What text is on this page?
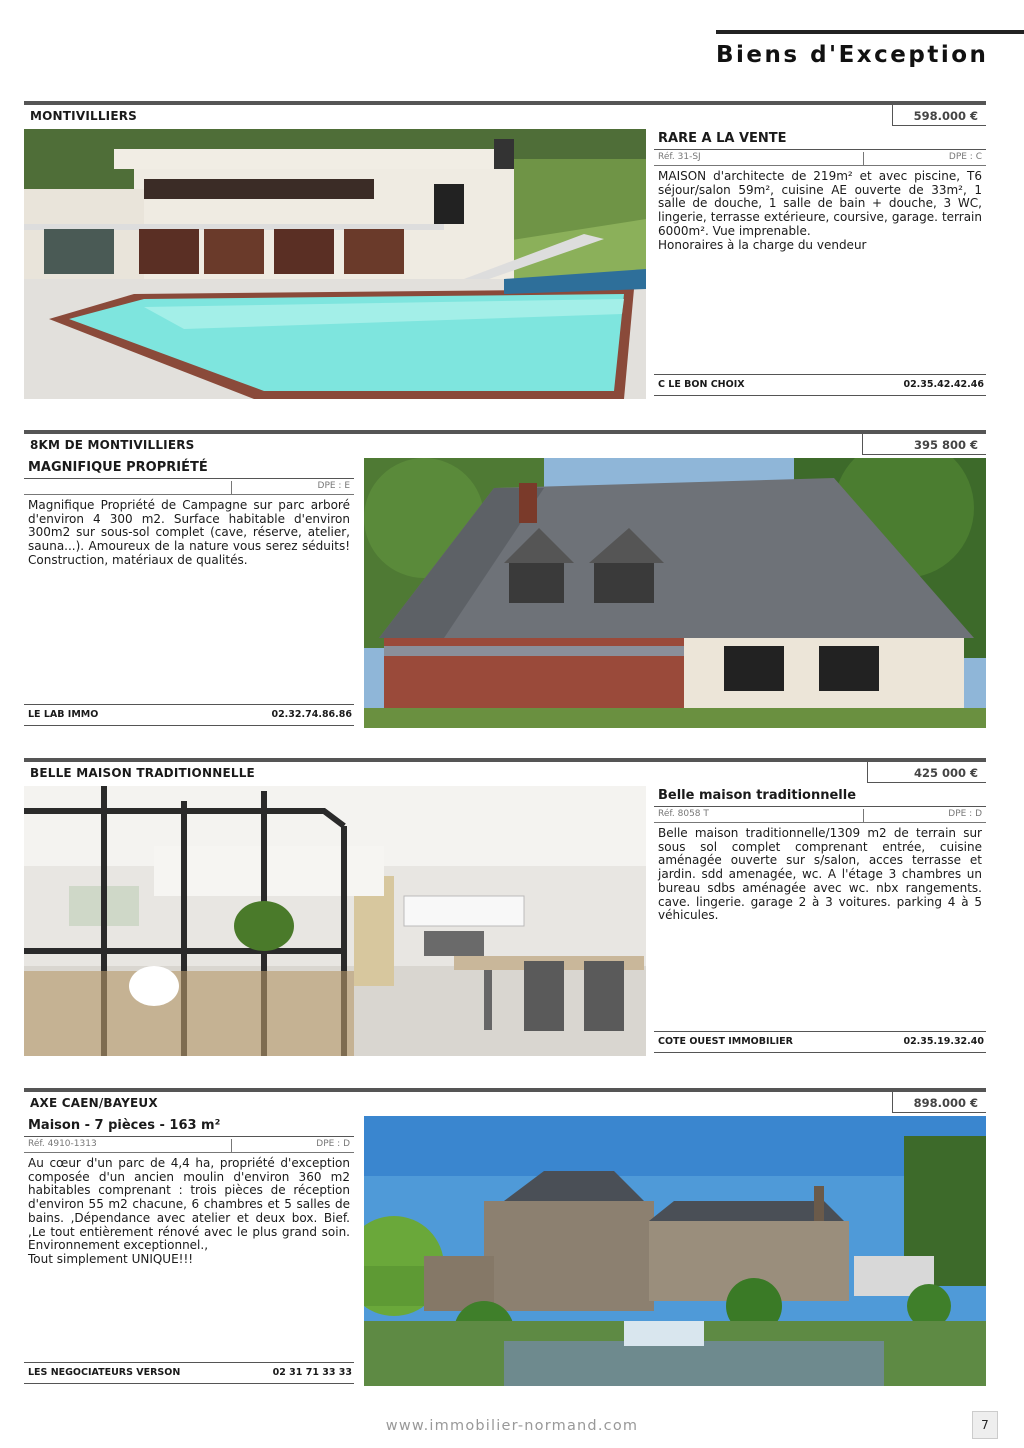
Biens d'Exception
MONTIVILLIERS	598.000 €
RARE A LA VENTE
Réf. 31-SJ	DPE : C
MAISON d'architecte de 219m² et avec piscine, T6 séjour/salon 59m², cuisine AE ouverte de 33m², 1 salle de douche, 1 salle de bain + douche, 3 WC, lingerie, terrasse extérieure, coursive, garage. terrain 6000m². Vue imprenable.
Honoraires à la charge du vendeur
C LE BON CHOIX	02.35.42.42.46
8KM DE MONTIVILLIERS	395 800 €
MAGNIFIQUE PROPRIÉTÉ
DPE : E
Magnifique Propriété de Campagne sur parc arboré d'environ 4 300 m2. Surface habitable d'environ 300m2 sur sous-sol complet (cave, réserve, atelier, sauna...). Amoureux de la nature vous serez séduits! Construction, matériaux de qualités.
LE LAB IMMO	02.32.74.86.86
BELLE MAISON TRADITIONNELLE	425 000 €
Belle maison traditionnelle
Réf. 8058 T	DPE : D
Belle maison traditionnelle/1309 m2 de terrain sur sous sol complet comprenant entrée, cuisine aménagée ouverte sur s/salon, acces terrasse et jardin. sdd amenagée, wc. A l'étage 3 chambres un bureau sdbs aménagée avec wc. nbx rangements. cave. lingerie. garage 2 à 3 voitures. parking 4 à 5 véhicules.
COTE OUEST IMMOBILIER	02.35.19.32.40
AXE CAEN/BAYEUX	898.000 €
Maison - 7 pièces - 163 m²
Réf. 4910-1313	DPE : D
Au cœur d'un parc de 4,4 ha, propriété d'exception composée d'un ancien moulin d'environ 360 m2 habitables comprenant : trois pièces de réception d'environ 55 m2 chacune, 6 chambres et 5 salles de bains. ,Dépendance avec atelier et deux box. Bief. ,Le tout entièrement rénové avec le plus grand soin. Environnement exceptionnel.,
Tout simplement UNIQUE!!!
LES NEGOCIATEURS VERSON	02 31 71 33 33
www.immobilier-normand.com	7
